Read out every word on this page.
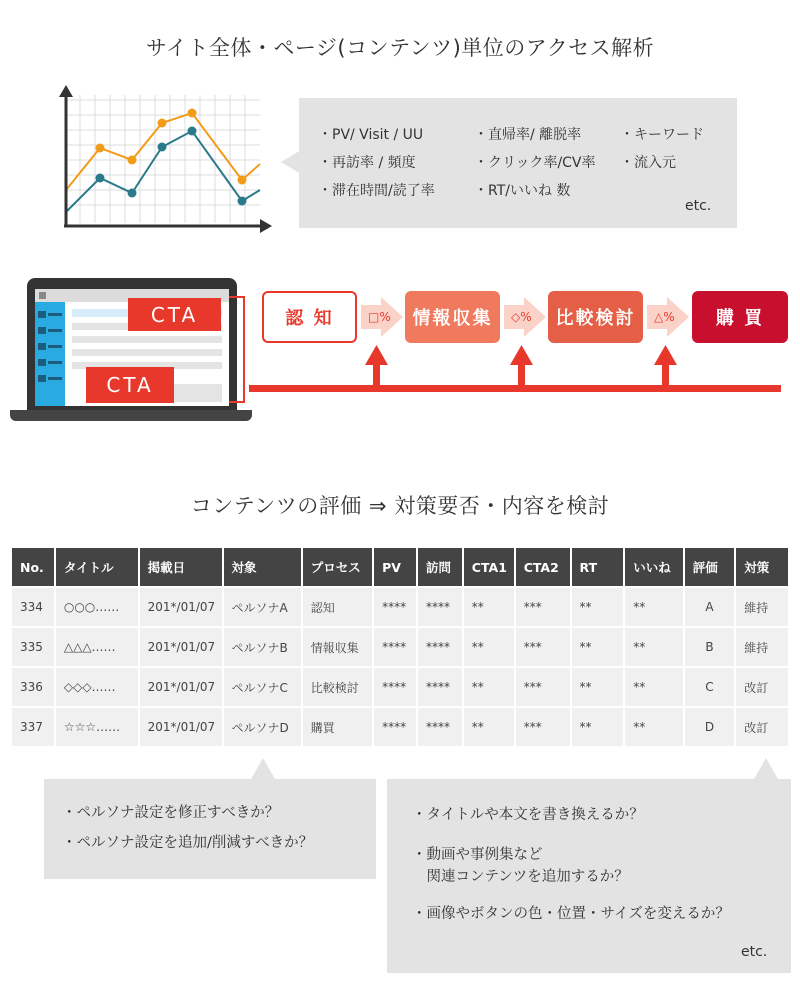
サイト全体・ページ(コンテンツ)単位のアクセス解析
・PV/ Visit / UU
・再訪率 / 頻度
・滞在時間/読了率
・直帰率/ 離脱率
・クリック率/CV率
・RT/いいね 数
・キーワード
・流入元
etc.
CTA
CTA
認 知	情報収集	比較検討	購 買
□%	◇%	△%
コンテンツの評価 ⇒ 対策要否・内容を検討
No.	タイトル	掲載日	対象	プロセス	PV	訪問	CTA1	CTA2	RT	いいね	評価	対策
334	○○○……	201*/01/07	ペルソナA	認知	****	****	**	***	**	**	A	維持
335	△△△……	201*/01/07	ペルソナB	情報収集	****	****	**	***	**	**	B	維持
336	◇◇◇……	201*/01/07	ペルソナC	比較検討	****	****	**	***	**	**	C	改訂
337	☆☆☆……	201*/01/07	ペルソナD	購買	****	****	**	***	**	**	D	改訂
・ペルソナ設定を修正すべきか？
・ペルソナ設定を追加/削減すべきか？
・タイトルや本文を書き換えるか？
・動画や事例集など
　関連コンテンツを追加するか？
・画像やボタンの色・位置・サイズを変えるか？
etc.
